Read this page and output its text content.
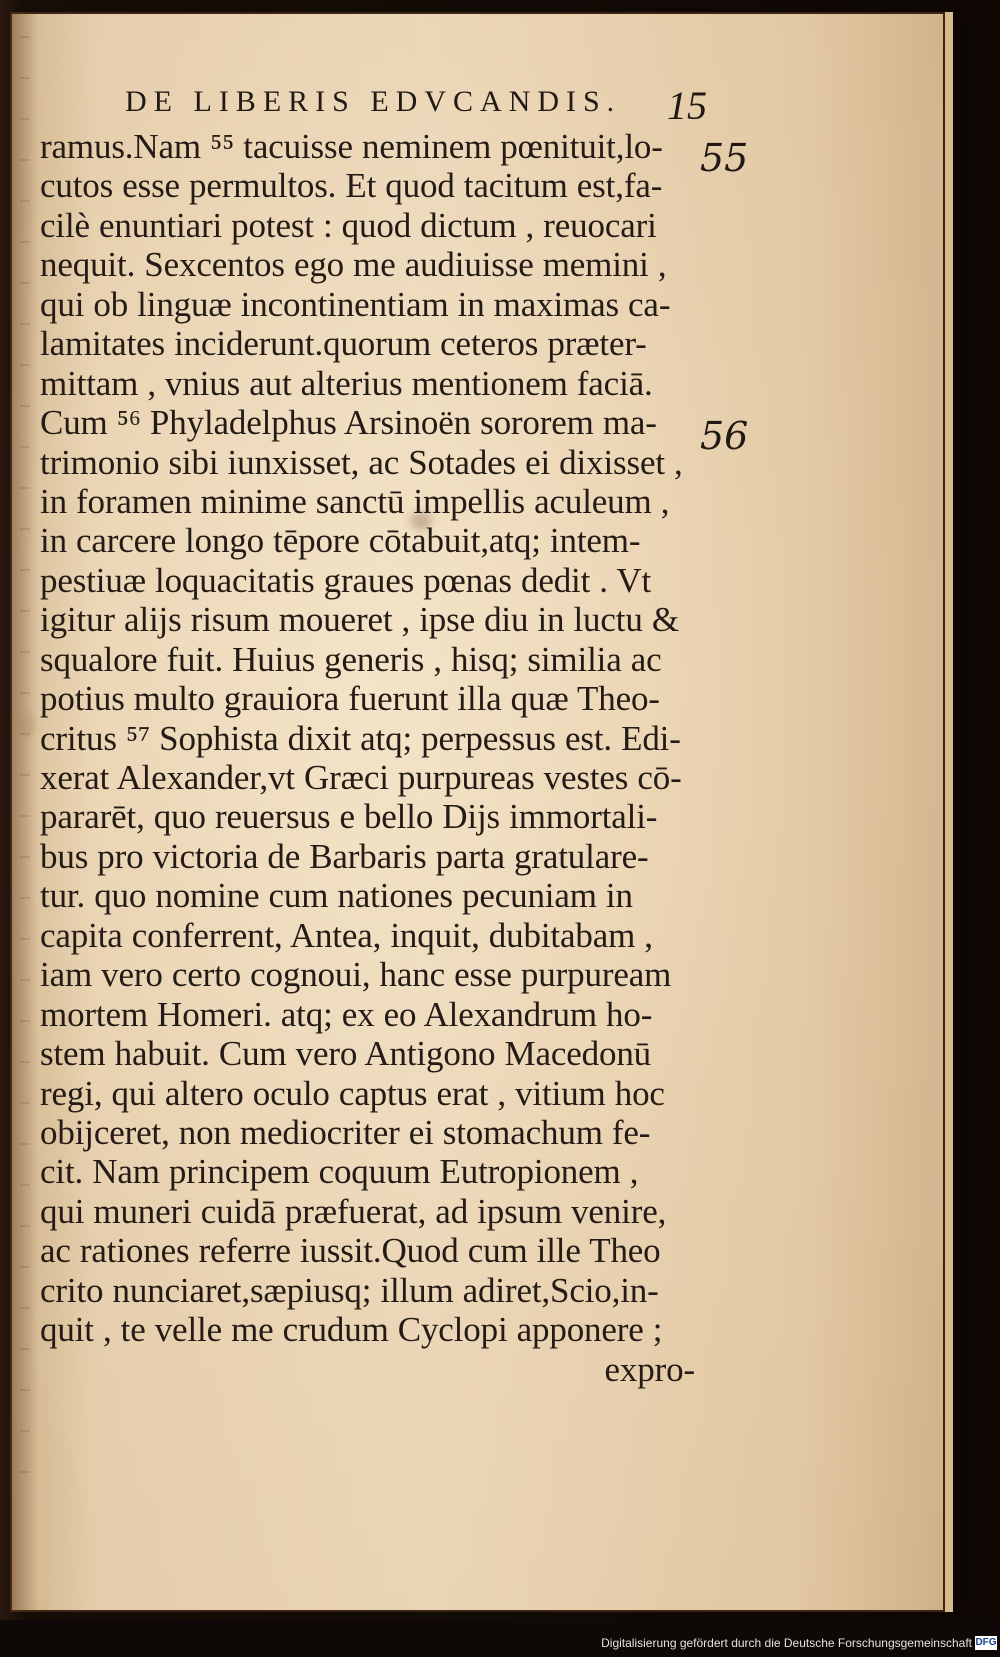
DE LIBERIS EDVCANDIS.	15
55
56
ramus.Nam ⁵⁵ tacuisse neminem pœnituit,lo-
cutos esse permultos. Et quod tacitum est,fa-
cilè enuntiari potest : quod dictum , reuocari
nequit. Sexcentos ego me audiuisse memini ,
qui ob linguæ incontinentiam in maximas ca-
lamitates inciderunt.quorum ceteros præter-
mittam , vnius aut alterius mentionem faciā.
Cum ⁵⁶ Phyladelphus Arsinoën sororem ma-
trimonio sibi iunxisset, ac Sotades ei dixisset ,
in foramen minime sanctū impellis aculeum ,
in carcere longo tēpore cōtabuit,atq; intem-
pestiuæ loquacitatis graues pœnas dedit . Vt
igitur alijs risum moueret , ipse diu in luctu &
squalore fuit. Huius generis , hisq; similia ac
potius multo grauiora fuerunt illa quæ Theo-
critus ⁵⁷ Sophista dixit atq; perpessus est. Edi-
xerat Alexander,vt Græci purpureas vestes cō-
pararēt, quo reuersus e bello Dijs immortali-
bus pro victoria de Barbaris parta gratulare-
tur. quo nomine cum nationes pecuniam in
capita conferrent, Antea, inquit, dubitabam ,
iam vero certo cognoui, hanc esse purpuream
mortem Homeri. atq; ex eo Alexandrum ho-
stem habuit. Cum vero Antigono Macedonū
regi, qui altero oculo captus erat , vitium hoc
obijceret, non mediocriter ei stomachum fe-
cit. Nam principem coquum Eutropionem ,
qui muneri cuidā præfuerat, ad ipsum venire,
ac rationes referre iussit.Quod cum ille Theo
crito nunciaret,sæpiusq; illum adiret,Scio,in-
quit , te velle me crudum Cyclopi apponere ;
expro-
Digitalisierung gefördert durch die Deutsche Forschungsgemeinschaft DFG
